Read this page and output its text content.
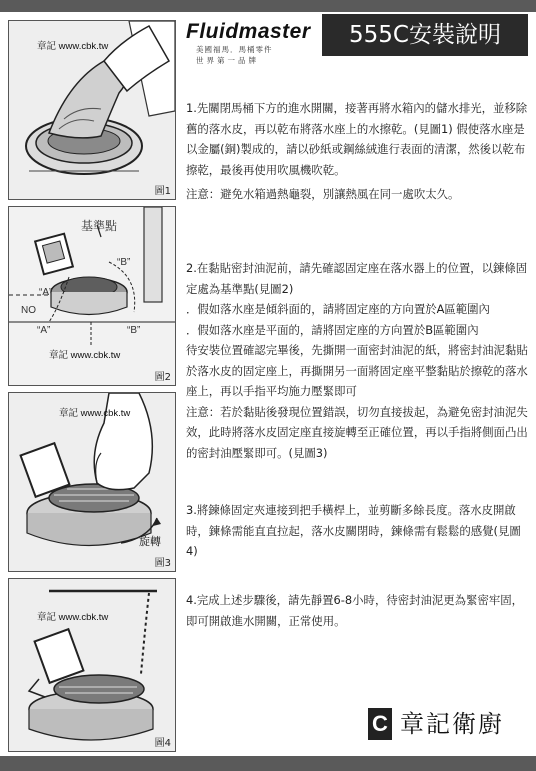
章記 www.cbk.tw
圖1
基準點
“B”
“A”
NO
“A”	“B”
章記 www.cbk.tw
圖2
章記 www.cbk.tw
旋轉
圖3
章記 www.cbk.tw
圖4
Fluidmaster
美國福馬．馬桶零件
世界第一品牌
555C安裝說明

1.先關閉馬桶下方的進水開關，接著再將水箱內的儲水排光，並移除舊的落水皮，再以乾布將落水座上的水擦乾。(見圖1) 假使落水座是以金屬(銅)製成的，請以砂紙或鋼絲絨進行表面的清潔，然後以乾布擦乾，最後再使用吹風機吹乾。

注意：避免水箱過熱龜裂，別讓熱風在同一處吹太久。

2.在黏貼密封油泥前，請先確認固定座在落水器上的位置，以鍊條固定處為基準點(見圖2)

．假如落水座是傾斜面的，請將固定座的方向置於A區範圍內

．假如落水座是平面的，請將固定座的方向置於B區範圍內

待安裝位置確認完畢後，先撕開一面密封油泥的紙，將密封油泥黏貼於落水皮的固定座上，再撕開另一面將固定座平整黏貼於擦乾的落水座上，再以手指平均施力壓緊即可

注意：若於黏貼後發現位置錯誤，切勿直接拔起，為避免密封油泥失效，此時將落水皮固定座直接旋轉至正確位置，再以手指將側面凸出的密封油壓緊即可。(見圖3)

3.將鍊條固定夾連接到把手橫桿上，並剪斷多餘長度。落水皮開啟時，鍊條需能直直拉起，落水皮關閉時，鍊條需有鬆鬆的感覺(見圖4)

4.完成上述步驟後，請先靜置6-8小時，待密封油泥更為緊密牢固，即可開啟進水開關，正常使用。

C 章記衛廚
